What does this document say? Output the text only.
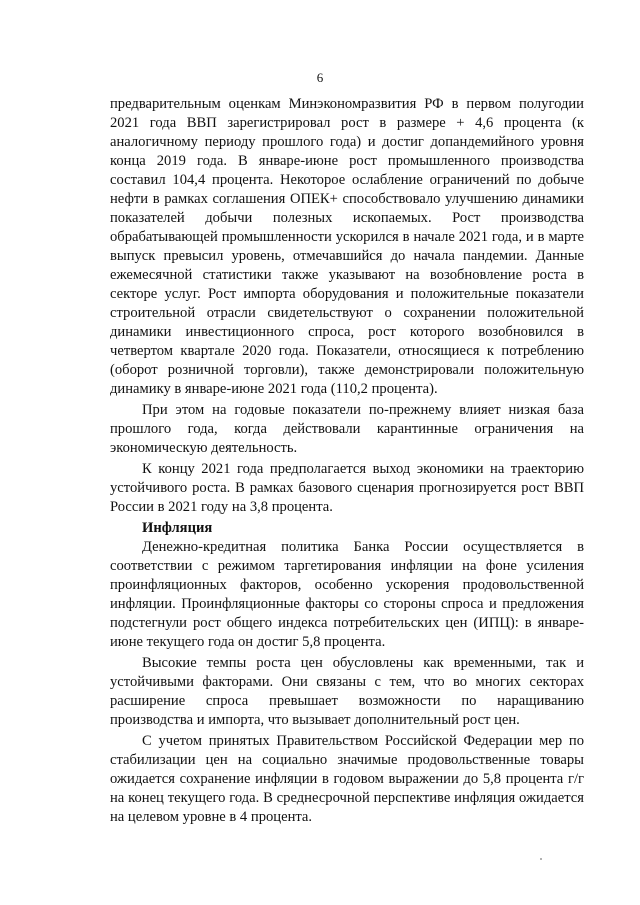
6

предварительным оценкам Минэкономразвития РФ в первом полугодии 2021 года ВВП зарегистрировал рост в размере + 4,6 процента (к аналогичному периоду прошлого года) и достиг допандемийного уровня конца 2019 года. В январе-июне рост промышленного производства составил 104,4 процента. Некоторое ослабление ограничений по добыче нефти в рамках соглашения ОПЕК+ способствовало улучшению динамики показателей добычи полезных ископаемых. Рост производства обрабатывающей промышленности ускорился в начале 2021 года, и в марте выпуск превысил уровень, отмечавшийся до начала пандемии. Данные ежемесячной статистики также указывают на возобновление роста в секторе услуг. Рост импорта оборудования и положительные показатели строительной отрасли свидетельствуют о сохранении положительной динамики инвестиционного спроса, рост которого возобновился в четвертом квартале 2020 года. Показатели, относящиеся к потреблению (оборот розничной торговли), также демонстрировали положительную динамику в январе-июне 2021 года (110,2 процента).

При этом на годовые показатели по-прежнему влияет низкая база прошлого года, когда действовали карантинные ограничения на экономическую деятельность.

К концу 2021 года предполагается выход экономики на траекторию устойчивого роста. В рамках базового сценария прогнозируется рост ВВП России в 2021 году на 3,8 процента.

Инфляция

Денежно-кредитная политика Банка России осуществляется в соответствии с режимом таргетирования инфляции на фоне усиления проинфляционных факторов, особенно ускорения продовольственной инфляции. Проинфляционные факторы со стороны спроса и предложения подстегнули рост общего индекса потребительских цен (ИПЦ): в январе-июне текущего года он достиг 5,8 процента.

Высокие темпы роста цен обусловлены как временными, так и устойчивыми факторами. Они связаны с тем, что во многих секторах расширение спроса превышает возможности по наращиванию производства и импорта, что вызывает дополнительный рост цен.

С учетом принятых Правительством Российской Федерации мер по стабилизации цен на социально значимые продовольственные товары ожидается сохранение инфляции в годовом выражении до 5,8 процента г/г на конец текущего года. В среднесрочной перспективе инфляция ожидается на целевом уровне в 4 процента.
